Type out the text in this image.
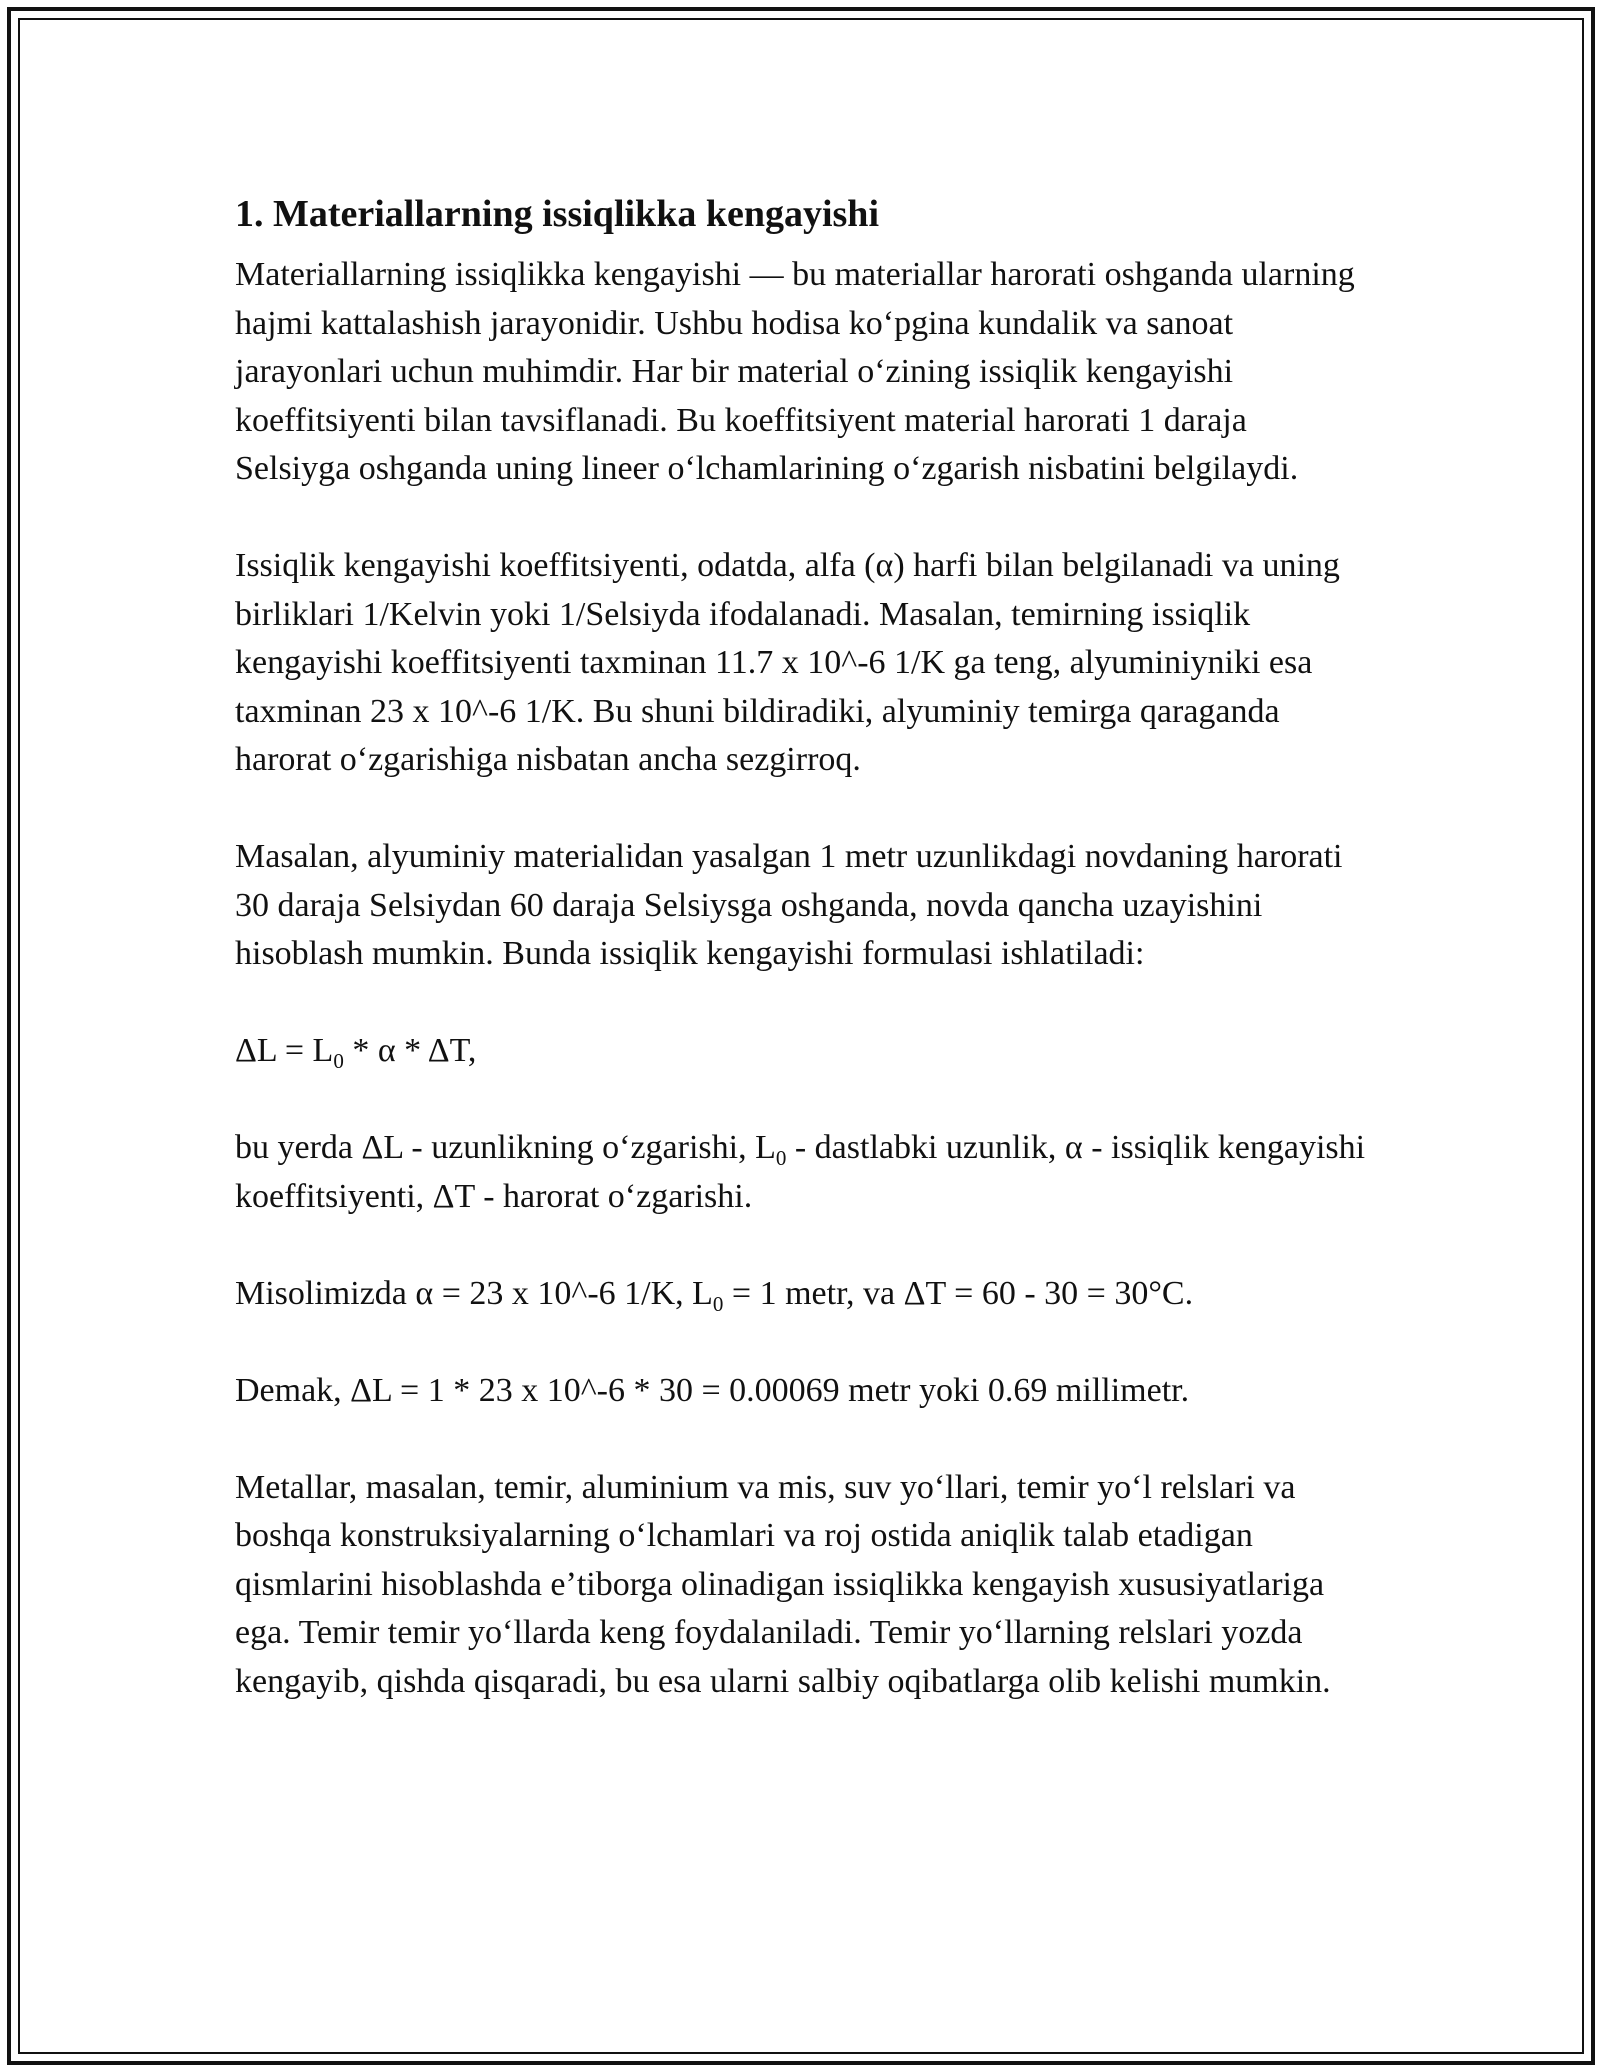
1. Materiallarning issiqlikka kengayishi

Materiallarning issiqlikka kengayishi — bu materiallar harorati oshganda ularning hajmi kattalashish jarayonidir. Ushbu hodisa koʻpgina kundalik va sanoat jarayonlari uchun muhimdir. Har bir material oʻzining issiqlik kengayishi koeffitsiyenti bilan tavsiflanadi. Bu koeffitsiyent material harorati 1 daraja Selsiyga oshganda uning lineer oʻlchamlarining oʻzgarish nisbatini belgilaydi.

Issiqlik kengayishi koeffitsiyenti, odatda, alfa (α) harfi bilan belgilanadi va uning birliklari 1/Kelvin yoki 1/Selsiyda ifodalanadi. Masalan, temirning issiqlik kengayishi koeffitsiyenti taxminan 11.7 x 10^-6 1/K ga teng, alyuminiyniki esa taxminan 23 x 10^-6 1/K. Bu shuni bildiradiki, alyuminiy temirga qaraganda harorat oʻzgarishiga nisbatan ancha sezgirroq.

Masalan, alyuminiy materialidan yasalgan 1 metr uzunlikdagi novdaning harorati 30 daraja Selsiydan 60 daraja Selsiysga oshganda, novda qancha uzayishini hisoblash mumkin. Bunda issiqlik kengayishi formulasi ishlatiladi:

$\Delta L = L_0 * \alpha * \Delta T$,

bu yerda ΔL - uzunlikning oʻzgarishi, $L_0$ - dastlabki uzunlik, α - issiqlik kengayishi koeffitsiyenti, ΔT - harorat oʻzgarishi.

Misolimizda α = 23 x 10^-6 1/K, $L_0 = 1$ metr, va ΔT = 60 - 30 = 30°C.

Demak, ΔL = 1 * 23 x 10^-6 * 30 = 0.00069 metr yoki 0.69 millimetr.

Metallar, masalan, temir, aluminium va mis, suv yoʻllari, temir yoʻl relslari va boshqa konstruksiyalarning oʻlchamlari va roj ostida aniqlik talab etadigan qismlarini hisoblashda eʼtiborga olinadigan issiqlikka kengayish xususiyatlariga ega. Temir temir yoʻllarda keng foydalaniladi. Temir yoʻllarning relslari yozda kengayib, qishda qisqaradi, bu esa ularni salbiy oqibatlarga olib kelishi mumkin.
